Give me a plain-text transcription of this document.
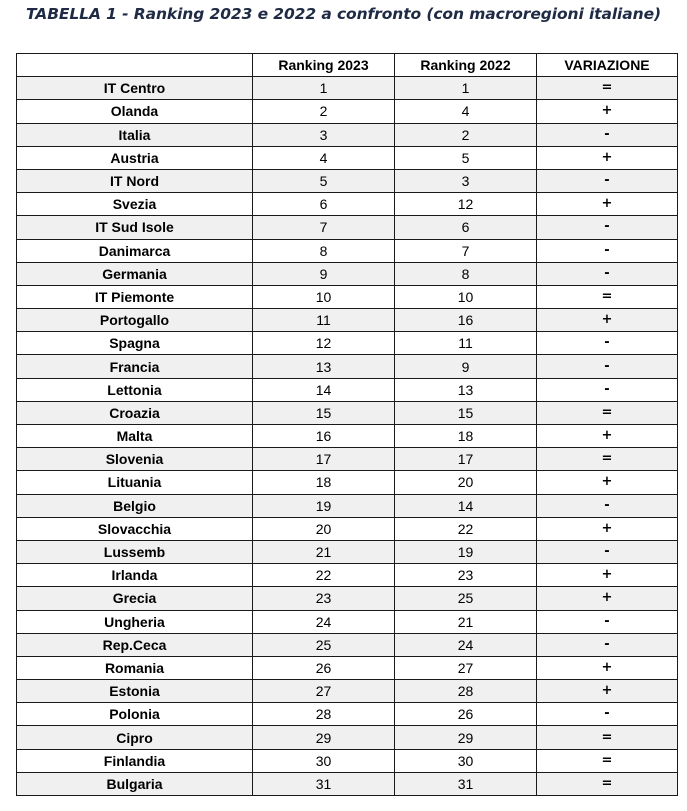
TABELLA 1 - Ranking 2023 e 2022 a confronto (con macroregioni italiane)
	Ranking 2023	Ranking 2022	VARIAZIONE
IT Centro	1	1	=
Olanda	2	4	+
Italia	3	2	-
Austria	4	5	+
IT Nord	5	3	-
Svezia	6	12	+
IT Sud Isole	7	6	-
Danimarca	8	7	-
Germania	9	8	-
IT Piemonte	10	10	=
Portogallo	11	16	+
Spagna	12	11	-
Francia	13	9	-
Lettonia	14	13	-
Croazia	15	15	=
Malta	16	18	+
Slovenia	17	17	=
Lituania	18	20	+
Belgio	19	14	-
Slovacchia	20	22	+
Lussemb	21	19	-
Irlanda	22	23	+
Grecia	23	25	+
Ungheria	24	21	-
Rep.Ceca	25	24	-
Romania	26	27	+
Estonia	27	28	+
Polonia	28	26	-
Cipro	29	29	=
Finlandia	30	30	=
Bulgaria	31	31	=
